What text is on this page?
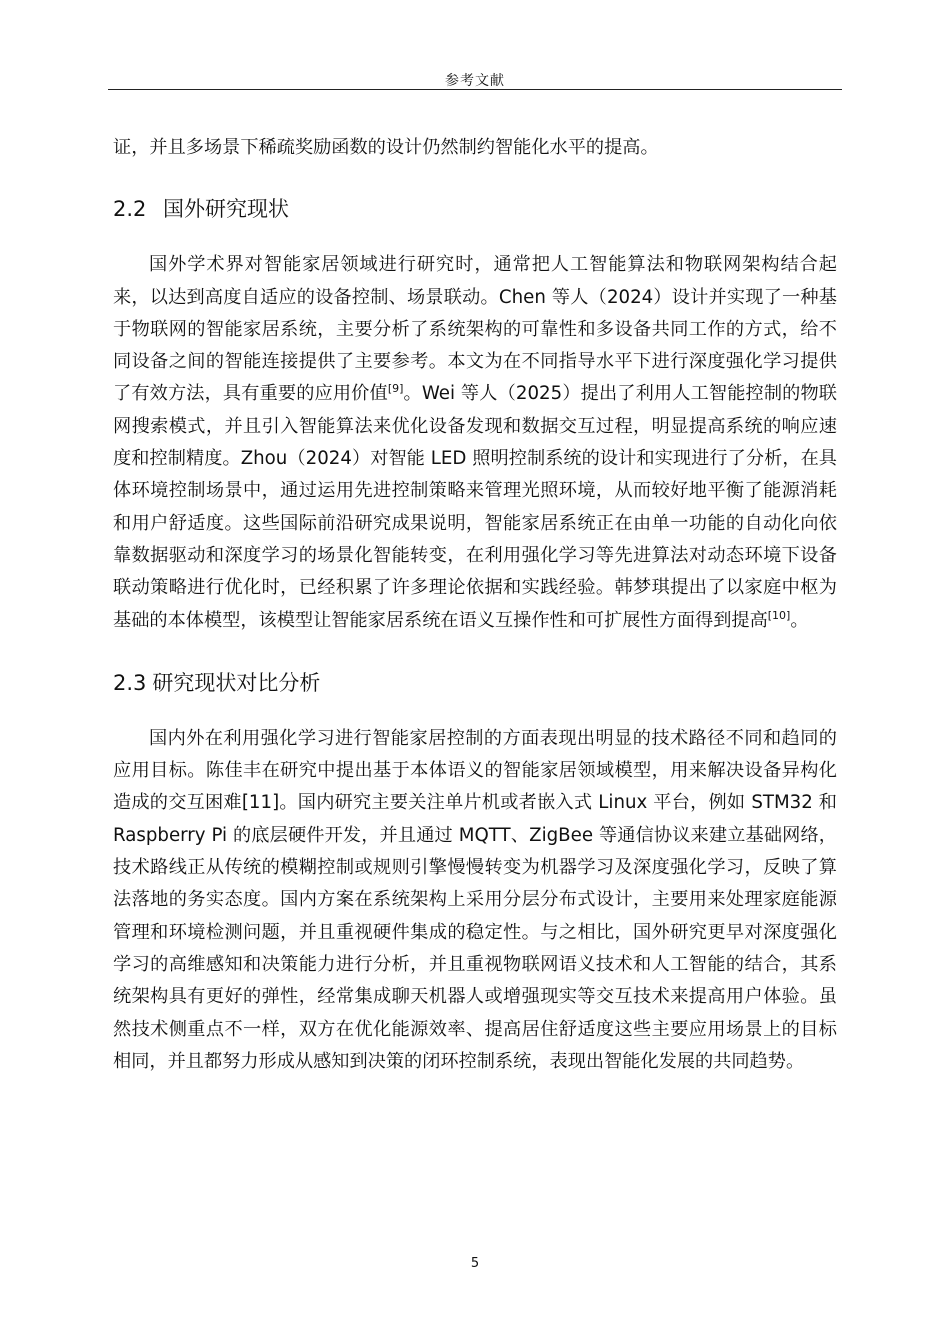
参考文献

证，并且多场景下稀疏奖励函数的设计仍然制约智能化水平的提高。

2.2 国外研究现状

国外学术界对智能家居领域进行研究时，通常把人工智能算法和物联网架构结合起来，以达到高度自适应的设备控制、场景联动。Chen 等人（2024）设计并实现了一种基于物联网的智能家居系统，主要分析了系统架构的可靠性和多设备共同工作的方式，给不同设备之间的智能连接提供了主要参考。本文为在不同指导水平下进行深度强化学习提供了有效方法，具有重要的应用价值[9]。Wei 等人（2025）提出了利用人工智能控制的物联网搜索模式，并且引入智能算法来优化设备发现和数据交互过程，明显提高系统的响应速度和控制精度。Zhou（2024）对智能 LED 照明控制系统的设计和实现进行了分析，在具体环境控制场景中，通过运用先进控制策略来管理光照环境，从而较好地平衡了能源消耗和用户舒适度。这些国际前沿研究成果说明，智能家居系统正在由单一功能的自动化向依靠数据驱动和深度学习的场景化智能转变，在利用强化学习等先进算法对动态环境下设备联动策略进行优化时，已经积累了许多理论依据和实践经验。韩梦琪提出了以家庭中枢为基础的本体模型，该模型让智能家居系统在语义互操作性和可扩展性方面得到提高[10]。

2.3 研究现状对比分析

国内外在利用强化学习进行智能家居控制的方面表现出明显的技术路径不同和趋同的应用目标。陈佳丰在研究中提出基于本体语义的智能家居领域模型，用来解决设备异构化造成的交互困难[11]。国内研究主要关注单片机或者嵌入式 Linux 平台，例如 STM32 和 Raspberry Pi 的底层硬件开发，并且通过 MQTT、ZigBee 等通信协议来建立基础网络，技术路线正从传统的模糊控制或规则引擎慢慢转变为机器学习及深度强化学习，反映了算法落地的务实态度。国内方案在系统架构上采用分层分布式设计，主要用来处理家庭能源管理和环境检测问题，并且重视硬件集成的稳定性。与之相比，国外研究更早对深度强化学习的高维感知和决策能力进行分析，并且重视物联网语义技术和人工智能的结合，其系统架构具有更好的弹性，经常集成聊天机器人或增强现实等交互技术来提高用户体验。虽然技术侧重点不一样，双方在优化能源效率、提高居住舒适度这些主要应用场景上的目标相同，并且都努力形成从感知到决策的闭环控制系统，表现出智能化发展的共同趋势。

5
